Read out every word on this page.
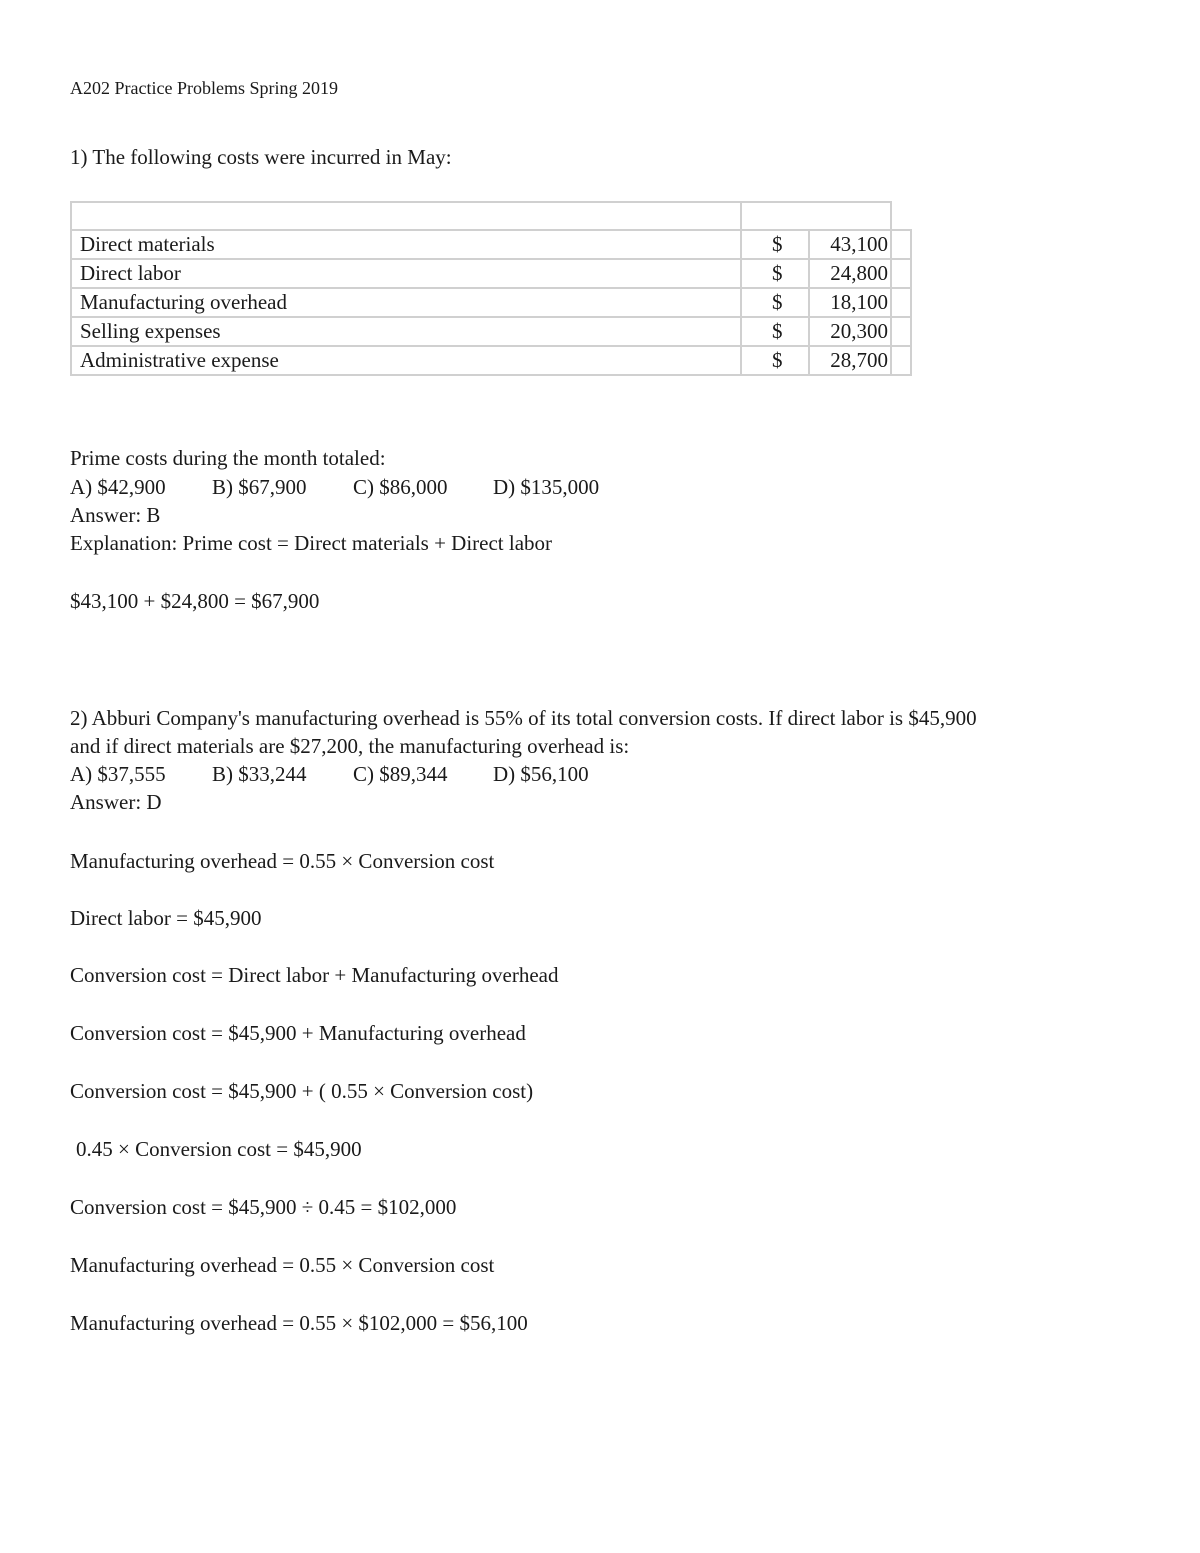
A202 Practice Problems Spring 2019
1) The following costs were incurred in May:

Direct materials	$	43,100	
Direct labor	$	24,800	
Manufacturing overhead	$	18,100	
Selling expenses	$	20,300	
Administrative expense	$	28,700	
Prime costs during the month totaled:
A) $42,900 B) $67,900 C) $86,000 D) $135,000
Answer: B
Explanation: Prime cost = Direct materials + Direct labor
$43,100 + $24,800 = $67,900
2) Abburi Company's manufacturing overhead is 55% of its total conversion costs. If direct labor is $45,900
and if direct materials are $27,200, the manufacturing overhead is:
A) $37,555 B) $33,244 C) $89,344 D) $56,100
Answer: D
Manufacturing overhead = 0.55 × Conversion cost
Direct labor = $45,900
Conversion cost = Direct labor + Manufacturing overhead
Conversion cost = $45,900 + Manufacturing overhead
Conversion cost = $45,900 + ( 0.55 × Conversion cost)
0.45 × Conversion cost = $45,900
Conversion cost = $45,900 ÷ 0.45 = $102,000
Manufacturing overhead = 0.55 × Conversion cost
Manufacturing overhead = 0.55 × $102,000 = $56,100
